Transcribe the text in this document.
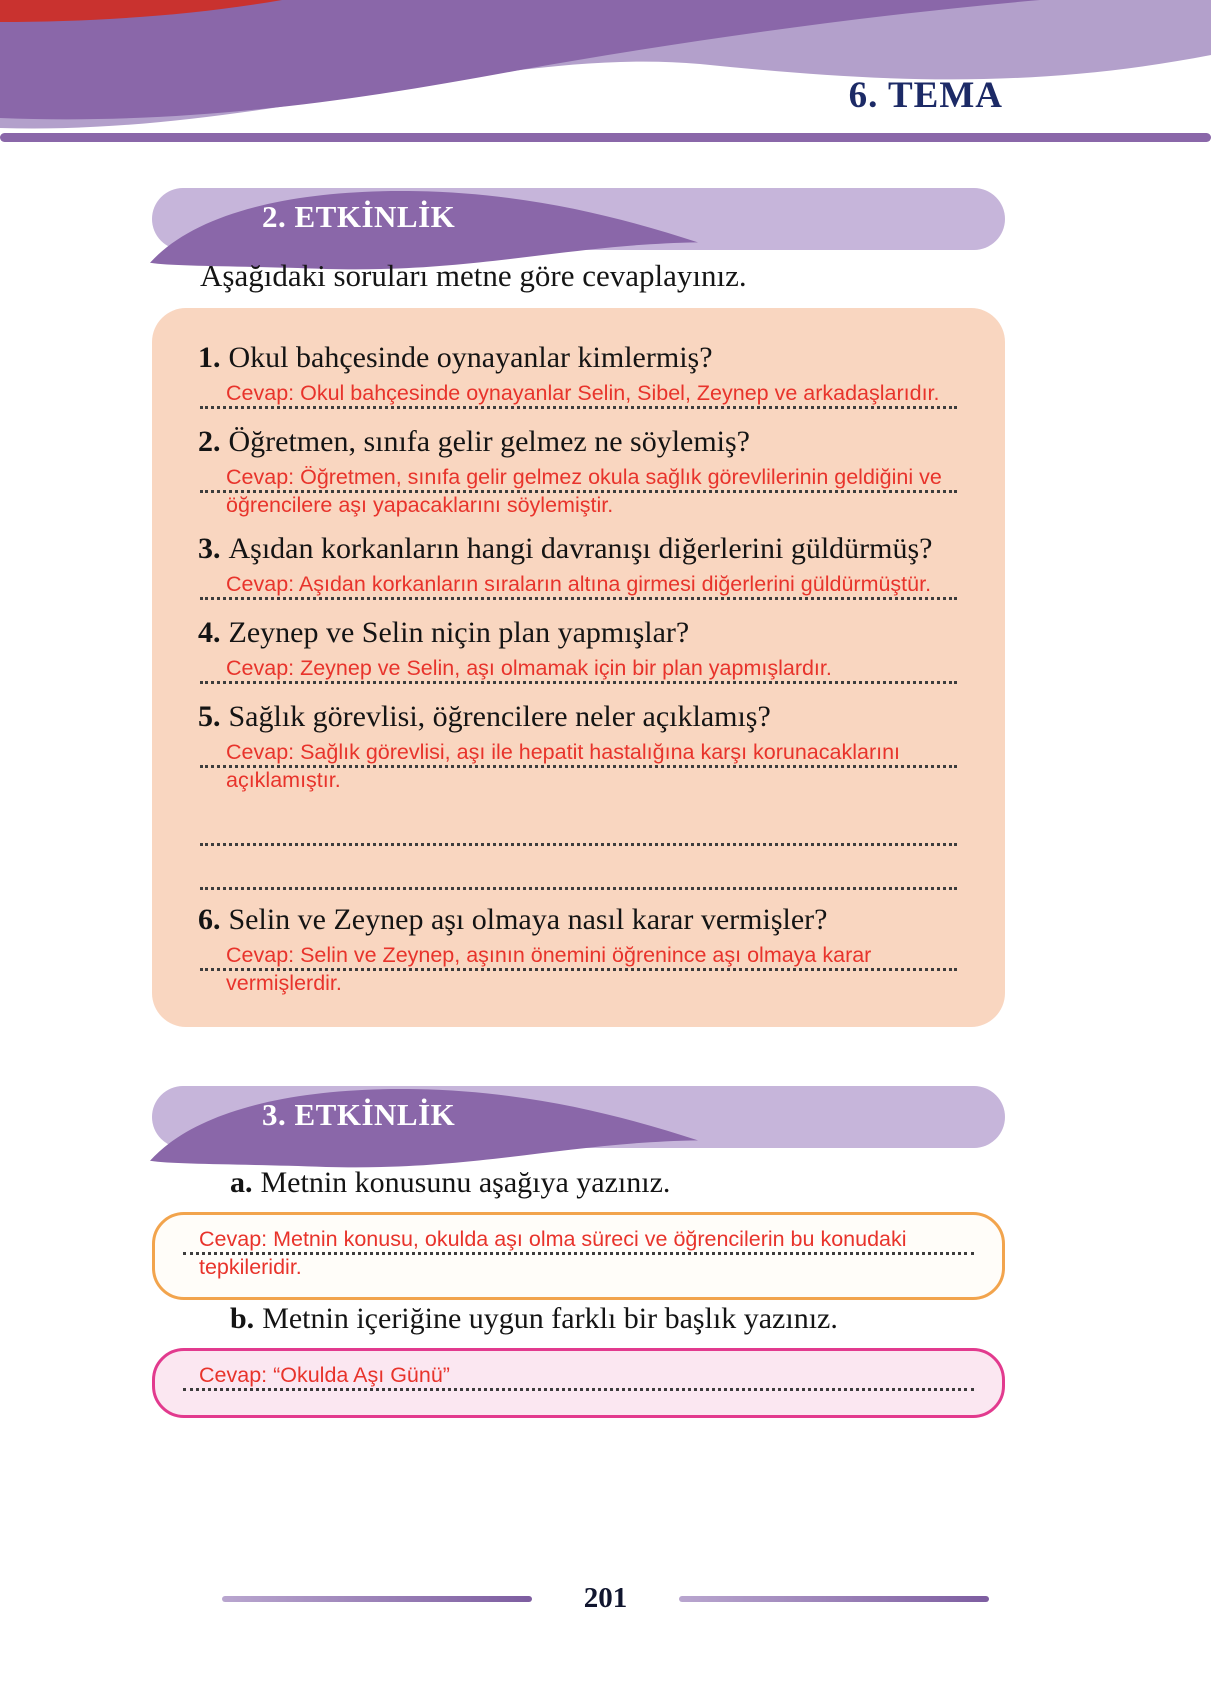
6. TEMA
2. ETKİNLİK
Aşağıdaki soruları metne göre cevaplayınız.
1. Okul bahçesinde oynayanlar kimlermiş?
Cevap: Okul bahçesinde oynayanlar Selin, Sibel, Zeynep ve arkadaşlarıdır.
2. Öğretmen, sınıfa gelir gelmez ne söylemiş?
Cevap: Öğretmen, sınıfa gelir gelmez okula sağlık görevlilerinin geldiğini ve öğrencilere aşı yapacaklarını söylemiştir.
3. Aşıdan korkanların hangi davranışı diğerlerini güldürmüş?
Cevap: Aşıdan korkanların sıraların altına girmesi diğerlerini güldürmüştür.
4. Zeynep ve Selin niçin plan yapmışlar?
Cevap: Zeynep ve Selin, aşı olmamak için bir plan yapmışlardır.
5. Sağlık görevlisi, öğrencilere neler açıklamış?
Cevap: Sağlık görevlisi, aşı ile hepatit hastalığına karşı korunacaklarını açıklamıştır.
6. Selin ve Zeynep aşı olmaya nasıl karar vermişler?
Cevap: Selin ve Zeynep, aşının önemini öğrenince aşı olmaya karar vermişlerdir.
3. ETKİNLİK
a. Metnin konusunu aşağıya yazınız.
Cevap: Metnin konusu, okulda aşı olma süreci ve öğrencilerin bu konudaki tepkileridir.
b. Metnin içeriğine uygun farklı bir başlık yazınız.
Cevap: “Okulda Aşı Günü”
201
